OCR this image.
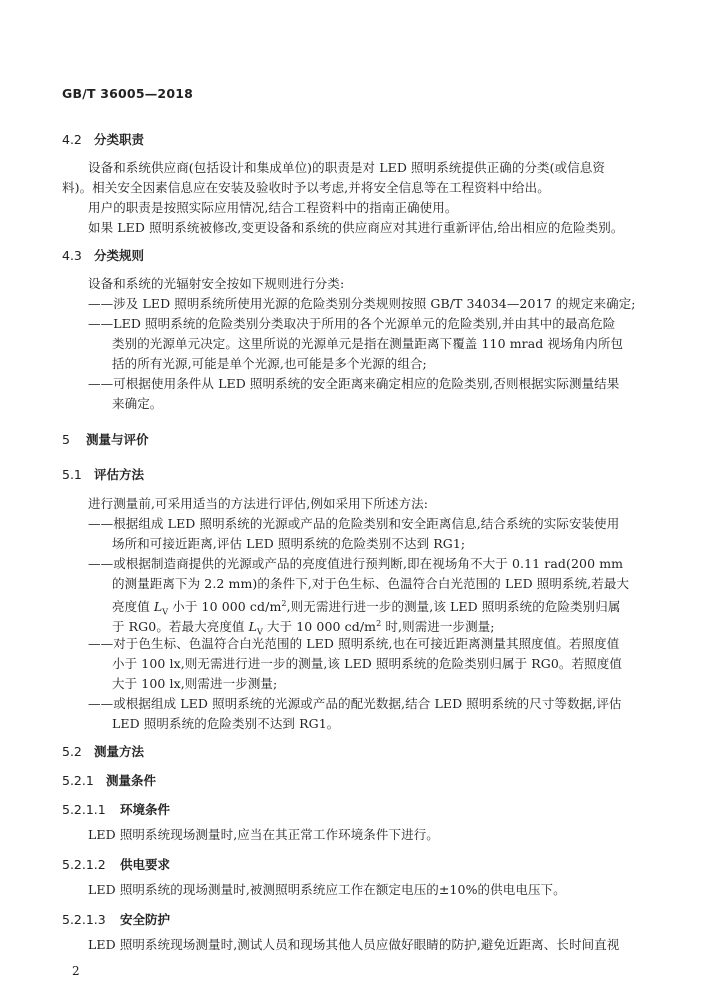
GB/T 36005—2018
4.2 分类职责
设备和系统供应商(包括设计和集成单位)的职责是对 LED 照明系统提供正确的分类(或信息资
料)。相关安全因素信息应在安装及验收时予以考虑,并将安全信息等在工程资料中给出。
用户的职责是按照实际应用情况,结合工程资料中的指南正确使用。
如果 LED 照明系统被修改,变更设备和系统的供应商应对其进行重新评估,给出相应的危险类别。
4.3 分类规则
设备和系统的光辐射安全按如下规则进行分类:
——涉及 LED 照明系统所使用光源的危险类别分类规则按照 GB/T 34034—2017 的规定来确定;
——LED 照明系统的危险类别分类取决于所用的各个光源单元的危险类别,并由其中的最高危险
类别的光源单元决定。这里所说的光源单元是指在测量距离下覆盖 110 mrad 视场角内所包
括的所有光源,可能是单个光源,也可能是多个光源的组合;
——可根据使用条件从 LED 照明系统的安全距离来确定相应的危险类别,否则根据实际测量结果
来确定。
5 测量与评价
5.1 评估方法
进行测量前,可采用适当的方法进行评估,例如采用下所述方法:
——根据组成 LED 照明系统的光源或产品的危险类别和安全距离信息,结合系统的实际安装使用
场所和可接近距离,评估 LED 照明系统的危险类别不达到 RG1;
——或根据制造商提供的光源或产品的亮度值进行预判断,即在视场角不大于 0.11 rad(200 mm
的测量距离下为 2.2 mm)的条件下,对于色生标、色温符合白光范围的 LED 照明系统,若最大
亮度值 $L_V$ 小于 10 000 $cd/m^2$,则无需进行进一步的测量,该 LED 照明系统的危险类别归属
于 RG0。若最大亮度值 $L_V$ 大于 10 000 $cd/m^2$ 时,则需进一步测量;
——对于色生标、色温符合白光范围的 LED 照明系统,也在可接近距离测量其照度值。若照度值
小于 100 lx,则无需进行进一步的测量,该 LED 照明系统的危险类别归属于 RG0。若照度值
大于 100 lx,则需进一步测量;
——或根据组成 LED 照明系统的光源或产品的配光数据,结合 LED 照明系统的尺寸等数据,评估
LED 照明系统的危险类别不达到 RG1。
5.2 测量方法
5.2.1 测量条件
5.2.1.1 环境条件
LED 照明系统现场测量时,应当在其正常工作环境条件下进行。
5.2.1.2 供电要求
LED 照明系统的现场测量时,被测照明系统应工作在额定电压的±10%的供电电压下。
5.2.1.3 安全防护
LED 照明系统现场测量时,测试人员和现场其他人员应做好眼睛的防护,避免近距离、长时间直视
2
